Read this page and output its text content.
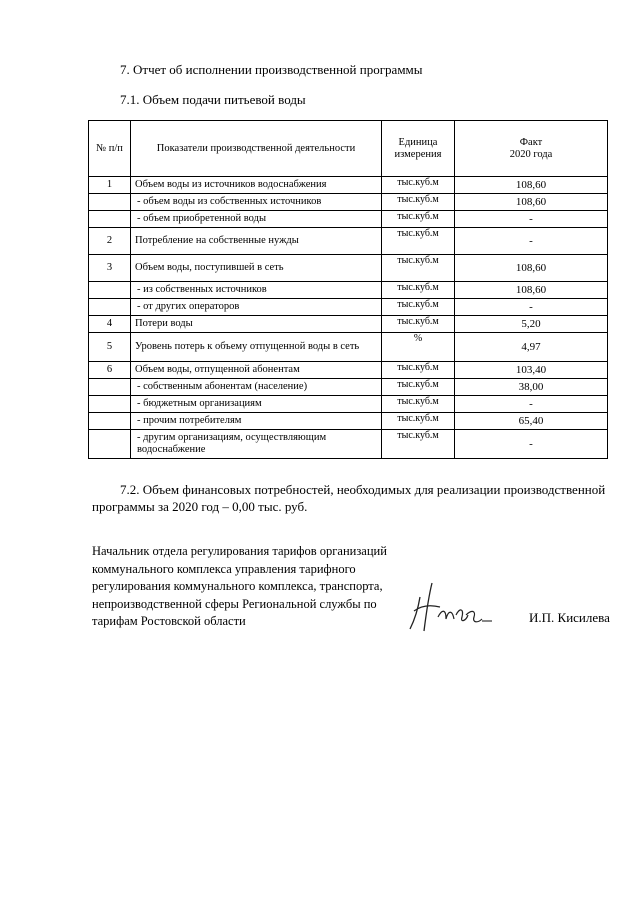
7. Отчет об исполнении производственной программы
7.1. Объем подачи питьевой воды
№ п/п	Показатели производственной деятельности	Единица измерения	Факт
2020 года
1	Объем воды из источников водоснабжения	тыс.куб.м	108,60
	- объем воды из собственных источников	тыс.куб.м	108,60
	- объем приобретенной воды	тыс.куб.м	-
2	Потребление на собственные нужды	тыс.куб.м	-
3	Объем воды, поступившей в сеть	тыс.куб.м	108,60
	- из собственных источников	тыс.куб.м	108,60
	- от других операторов	тыс.куб.м	-
4	Потери воды	тыс.куб.м	5,20
5	Уровень потерь к объему отпущенной воды в сеть	%	4,97
6	Объем воды, отпущенной абонентам	тыс.куб.м	103,40
	- собственным абонентам (население)	тыс.куб.м	38,00
	- бюджетным организациям	тыс.куб.м	-
	- прочим потребителям	тыс.куб.м	65,40
	- другим организациям, осуществляющим водоснабжение	тыс.куб.м	-
7.2. Объем финансовых потребностей, необходимых для реализации производственной программы за 2020 год – 0,00 тыс. руб.
Начальник отдела регулирования тарифов организаций коммунального комплекса управления тарифного регулирования коммунального комплекса, транспорта, непроизводственной сферы Региональной службы по тарифам Ростовской области	И.П. Кисилева
